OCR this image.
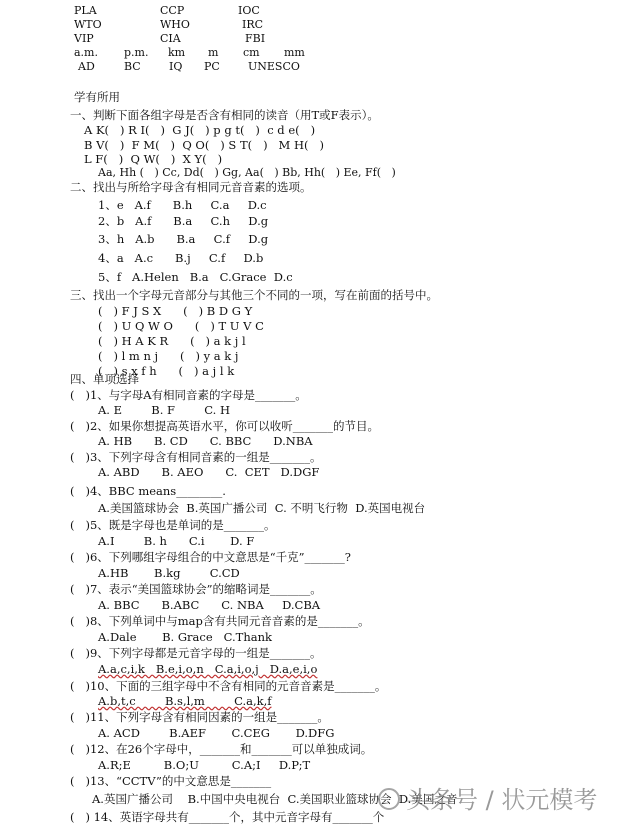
PLA	CCP	IOC
WTO	WHO	IRC
VIP	CIA	FBI
a.m. p.m. km m cm mm
AD	BC	IQ PC	UNESCO
学有所用
一、判断下面各组字母是否含有相同的读音（用T或F表示）。
A K(   ) R I(   )  G J(   ) p g t(   )  c d e(   )
B V(   )  F M(   )  Q O(   ) S T(   )   M H(   )
L F(   )  Q W(   )  X Y(   )
Aa, Hh (   ) Cc, Dd(   ) Gg, Aa(   ) Bb, Hh(   ) Ee, Ff(   )
二、找出与所给字母含有相同元音音素的选项。
1、e   A.f      B.h     C.a     D.c
2、b   A.f      B.a     C.h     D.g
3、h   A.b      B.a     C.f     D.g
4、a   A.c      B.j     C.f     D.b
5、f   A.Helen   B.a   C.Grace  D.c
三、找出一个字母元音部分与其他三个不同的一项，写在前面的括号中。
(   ) F J S X      (   ) B D G Y
(   ) U Q W O      (   ) T U V C
(   ) H A K R      (   ) a k j l
(   ) l m n j      (   ) y a k j
(   ) s x f h      (   ) a j l k
四、单项选择
(   )1、与字母A有相同音素的字母是_______。
A. E        B. F        C. H
(   )2、如果你想提高英语水平，你可以收听_______的节目。
A. HB      B. CD      C. BBC      D.NBA
(   )3、下列字母含有相同音素的一组是_______。
A. ABD      B. AEO      C.  CET   D.DGF
(   )4、BBC means________.
A.美国篮球协会  B.英国广播公司  C. 不明飞行物  D.英国电视台
(   )5、既是字母也是单词的是_______。
A.I        B. h      C.i       D. F
(   )6、下列哪组字母组合的中文意思是“千克”_______?
A.HB       B.kg        C.CD
(   )7、表示“美国篮球协会”的缩略词是_______。
A. BBC      B.ABC      C. NBA     D.CBA
(   )8、下列单词中与map含有共同元音音素的是_______。
A.Dale       B. Grace   C.Thank
(   )9、下列字母都是元音字母的一组是_______。
A.a,c,i,k   B.e,i,o,n   C.a,i,o,j   D.a,e,i,o
(   )10、下面的三组字母中不含有相同的元音音素是_______。
A.b,t,c        B.s,l,m        C.a,k,f
(   )11、下列字母含有相同因素的一组是_______。
A. ACD        B.AEF       C.CEG       D.DFG
(   )12、在26个字母中，_______和_______可以单独成词。
A.R;E         B.O;U         C.A;I     D.P;T
(   )13、“CCTV”的中文意思是_______
A.英国广播公司    B.中国中央电视台  C.美国职业篮球协会  D.美国之音
(   ) 14、英语字母共有_______个，其中元音字母有_______个
头条号 / 状元模考
